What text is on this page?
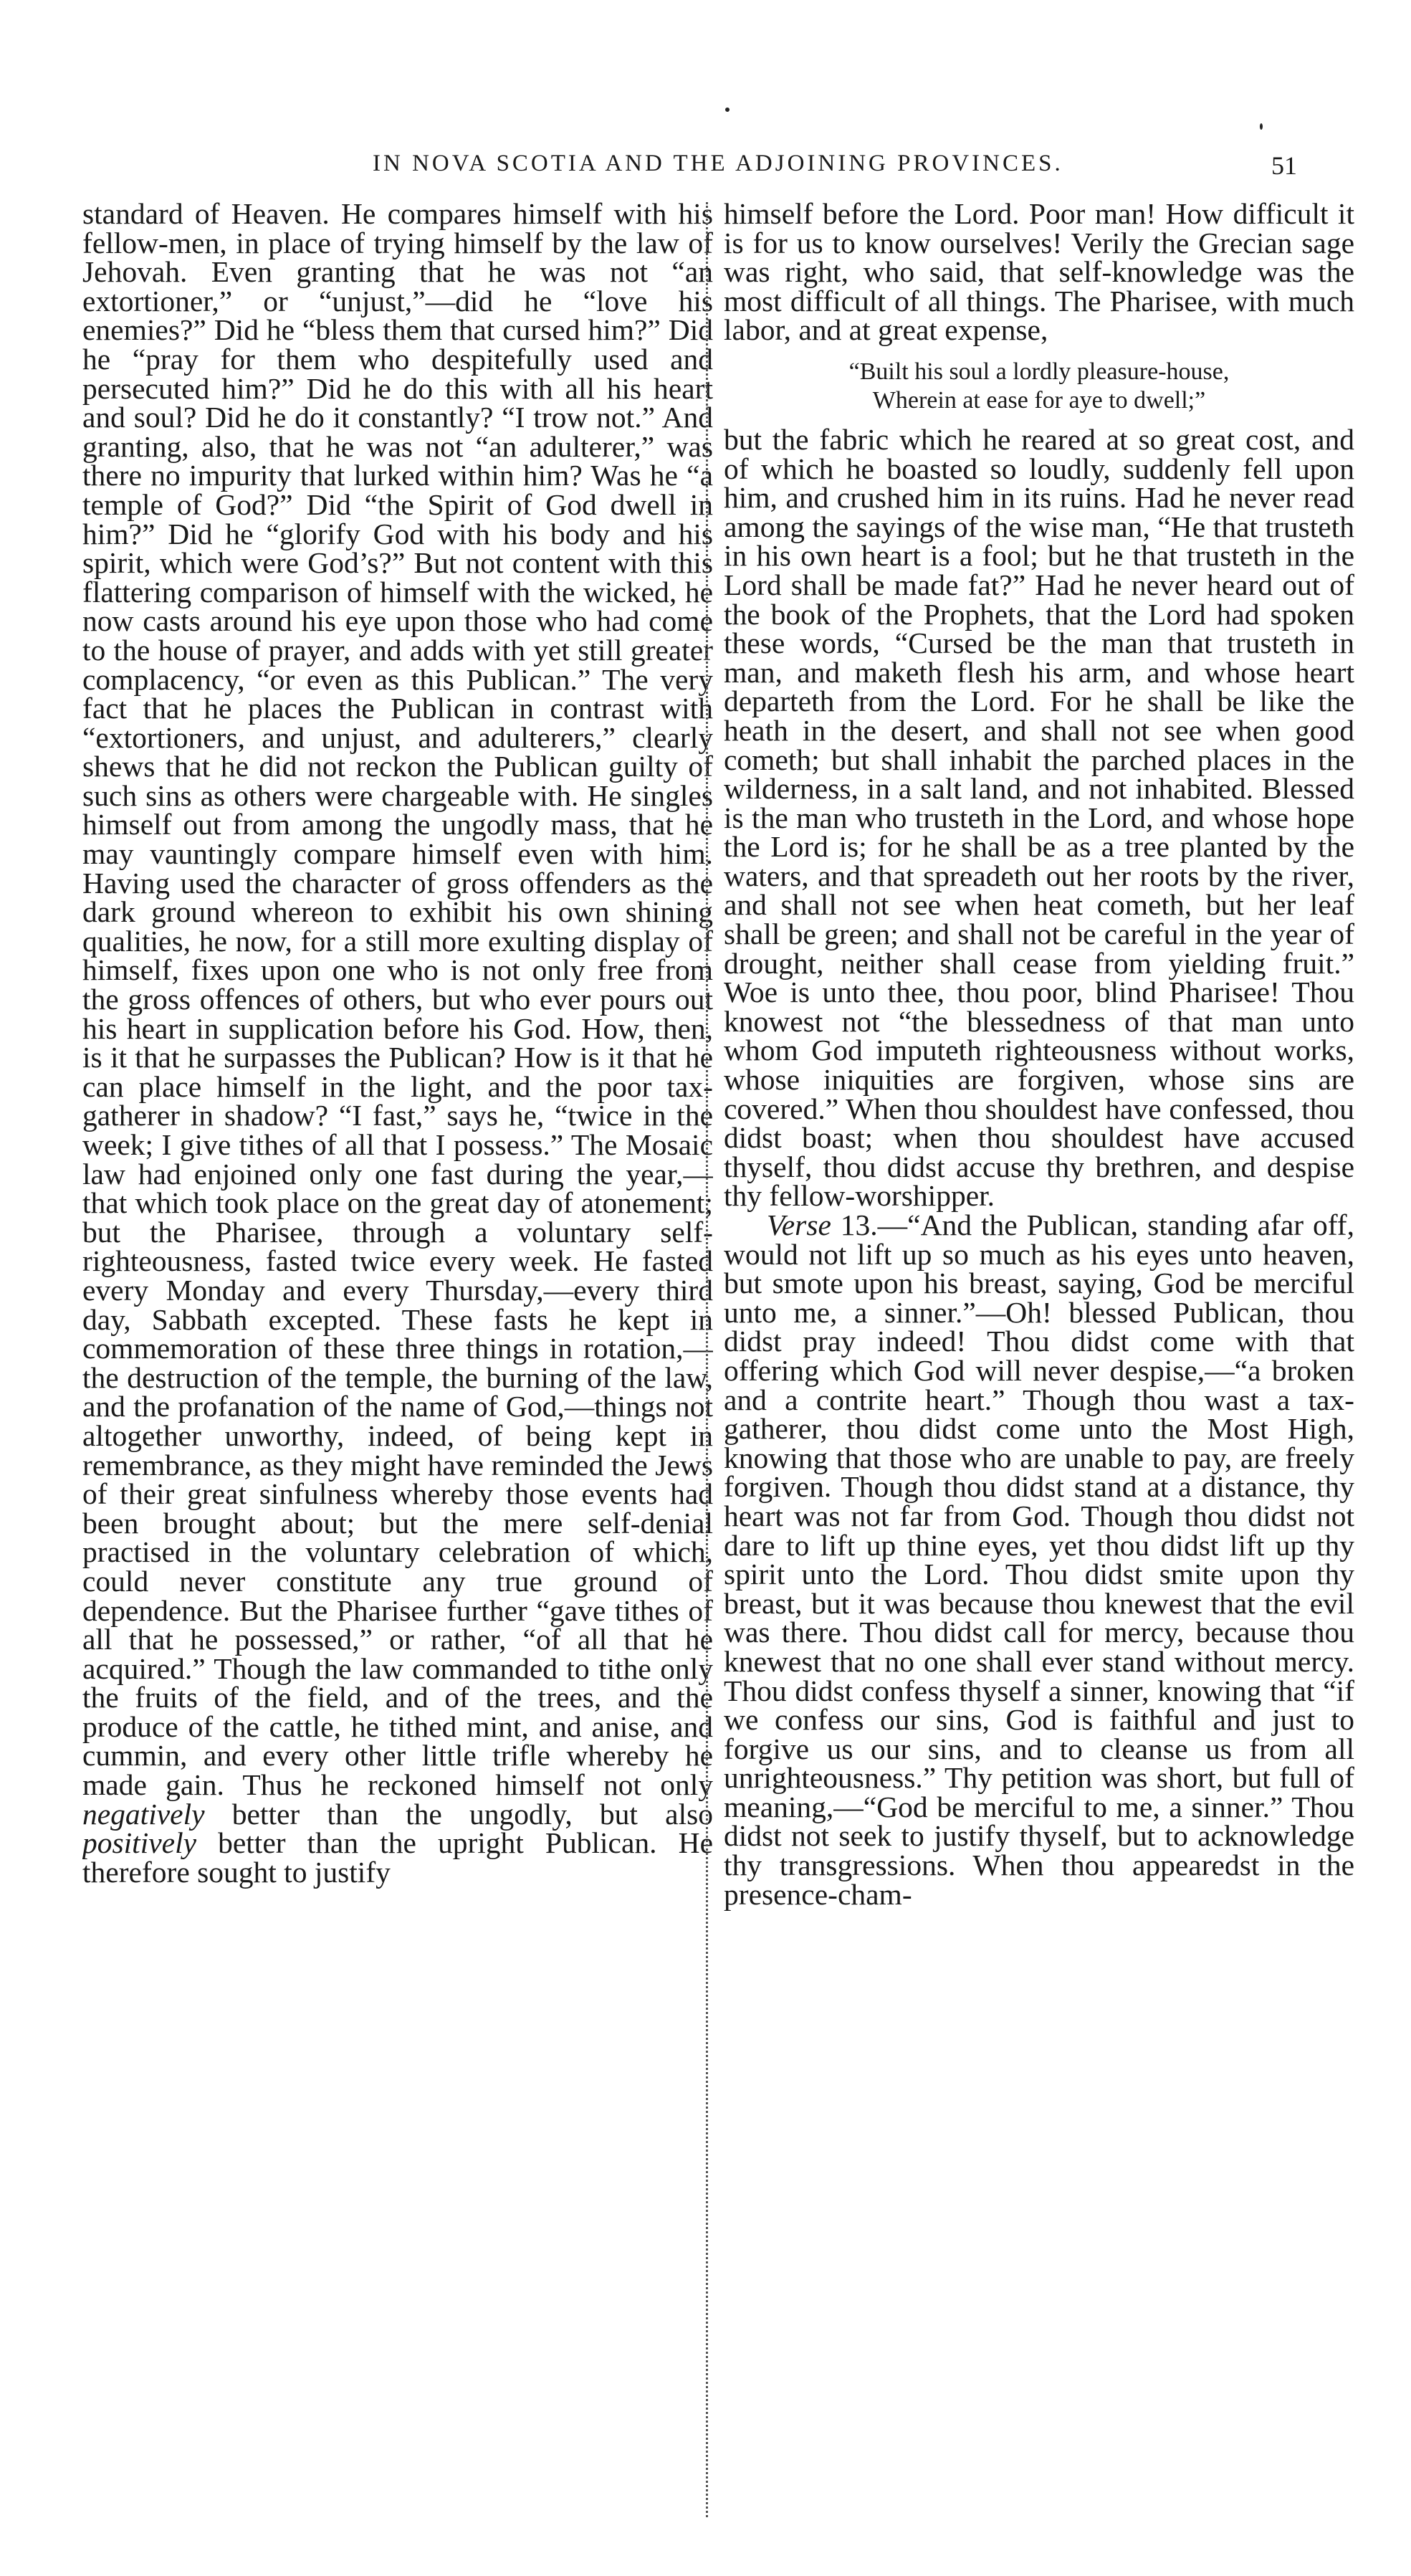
IN NOVA SCOTIA AND THE ADJOINING PROVINCES.	51

standard of Heaven. He compares himself with his fellow-men, in place of trying himself by the law of Jehovah. Even granting that he was not “an extortioner,” or “unjust,”—did he “love his enemies?” Did he “bless them that cursed him?” Did he “pray for them who despitefully used and persecuted him?” Did he do this with all his heart and soul? Did he do it constantly? “I trow not.” And granting, also, that he was not “an adulterer,” was there no impurity that lurked within him? Was he “a temple of God?” Did “the Spirit of God dwell in him?” Did he “glorify God with his body and his spirit, which were God’s?” But not content with this flattering comparison of himself with the wicked, he now casts around his eye upon those who had come to the house of prayer, and adds with yet still greater complacency, “or even as this Publican.” The very fact that he places the Publican in contrast with “extortioners, and unjust, and adulterers,” clearly shews that he did not reckon the Publican guilty of such sins as others were chargeable with. He singles himself out from among the ungodly mass, that he may vauntingly compare himself even with him. Having used the character of gross offenders as the dark ground whereon to exhibit his own shining qualities, he now, for a still more exulting display of himself, fixes upon one who is not only free from the gross offences of others, but who ever pours out his heart in supplication before his God. How, then, is it that he surpasses the Publican? How is it that he can place himself in the light, and the poor tax-gatherer in shadow? “I fast,” says he, “twice in the week; I give tithes of all that I possess.” The Mosaic law had enjoined only one fast during the year,—that which took place on the great day of atonement; but the Pharisee, through a voluntary self-righteousness, fasted twice every week. He fasted every Monday and every Thursday,—every third day, Sabbath excepted. These fasts he kept in commemoration of these three things in rotation,—the destruction of the temple, the burning of the law, and the profanation of the name of God,—things not altogether unworthy, indeed, of being kept in remembrance, as they might have reminded the Jews of their great sinfulness whereby those events had been brought about; but the mere self-denial practised in the voluntary celebration of which, could never constitute any true ground of dependence. But the Pharisee further “gave tithes of all that he possessed,” or rather, “of all that he acquired.” Though the law commanded to tithe only the fruits of the field, and of the trees, and the produce of the cattle, he tithed mint, and anise, and cummin, and every other little trifle whereby he made gain. Thus he reckoned himself not only negatively better than the ungodly, but also positively better than the upright Publican. He therefore sought to justify

himself before the Lord. Poor man! How difficult it is for us to know ourselves! Verily the Grecian sage was right, who said, that self-knowledge was the most difficult of all things. The Pharisee, with much labor, and at great expense,

“Built his soul a lordly pleasure-house,
Wherein at ease for aye to dwell;”

but the fabric which he reared at so great cost, and of which he boasted so loudly, suddenly fell upon him, and crushed him in its ruins. Had he never read among the sayings of the wise man, “He that trusteth in his own heart is a fool; but he that trusteth in the Lord shall be made fat?” Had he never heard out of the book of the Prophets, that the Lord had spoken these words, “Cursed be the man that trusteth in man, and maketh flesh his arm, and whose heart departeth from the Lord. For he shall be like the heath in the desert, and shall not see when good cometh; but shall inhabit the parched places in the wilderness, in a salt land, and not inhabited. Blessed is the man who trusteth in the Lord, and whose hope the Lord is; for he shall be as a tree planted by the waters, and that spreadeth out her roots by the river, and shall not see when heat cometh, but her leaf shall be green; and shall not be careful in the year of drought, neither shall cease from yielding fruit.” Woe is unto thee, thou poor, blind Pharisee! Thou knowest not “the blessedness of that man unto whom God imputeth righteousness without works, whose iniquities are forgiven, whose sins are covered.” When thou shouldest have confessed, thou didst boast; when thou shouldest have accused thyself, thou didst accuse thy brethren, and despise thy fellow-worshipper.

Verse 13.—“And the Publican, standing afar off, would not lift up so much as his eyes unto heaven, but smote upon his breast, saying, God be merciful unto me, a sinner.”—Oh! blessed Publican, thou didst pray indeed! Thou didst come with that offering which God will never despise,—“a broken and a contrite heart.” Though thou wast a tax-gatherer, thou didst come unto the Most High, knowing that those who are unable to pay, are freely forgiven. Though thou didst stand at a distance, thy heart was not far from God. Though thou didst not dare to lift up thine eyes, yet thou didst lift up thy spirit unto the Lord. Thou didst smite upon thy breast, but it was because thou knewest that the evil was there. Thou didst call for mercy, because thou knewest that no one shall ever stand without mercy. Thou didst confess thyself a sinner, knowing that “if we confess our sins, God is faithful and just to forgive us our sins, and to cleanse us from all unrighteousness.” Thy petition was short, but full of meaning,—“God be merciful to me, a sinner.” Thou didst not seek to justify thyself, but to acknowledge thy transgressions. When thou appearedst in the presence-cham-
